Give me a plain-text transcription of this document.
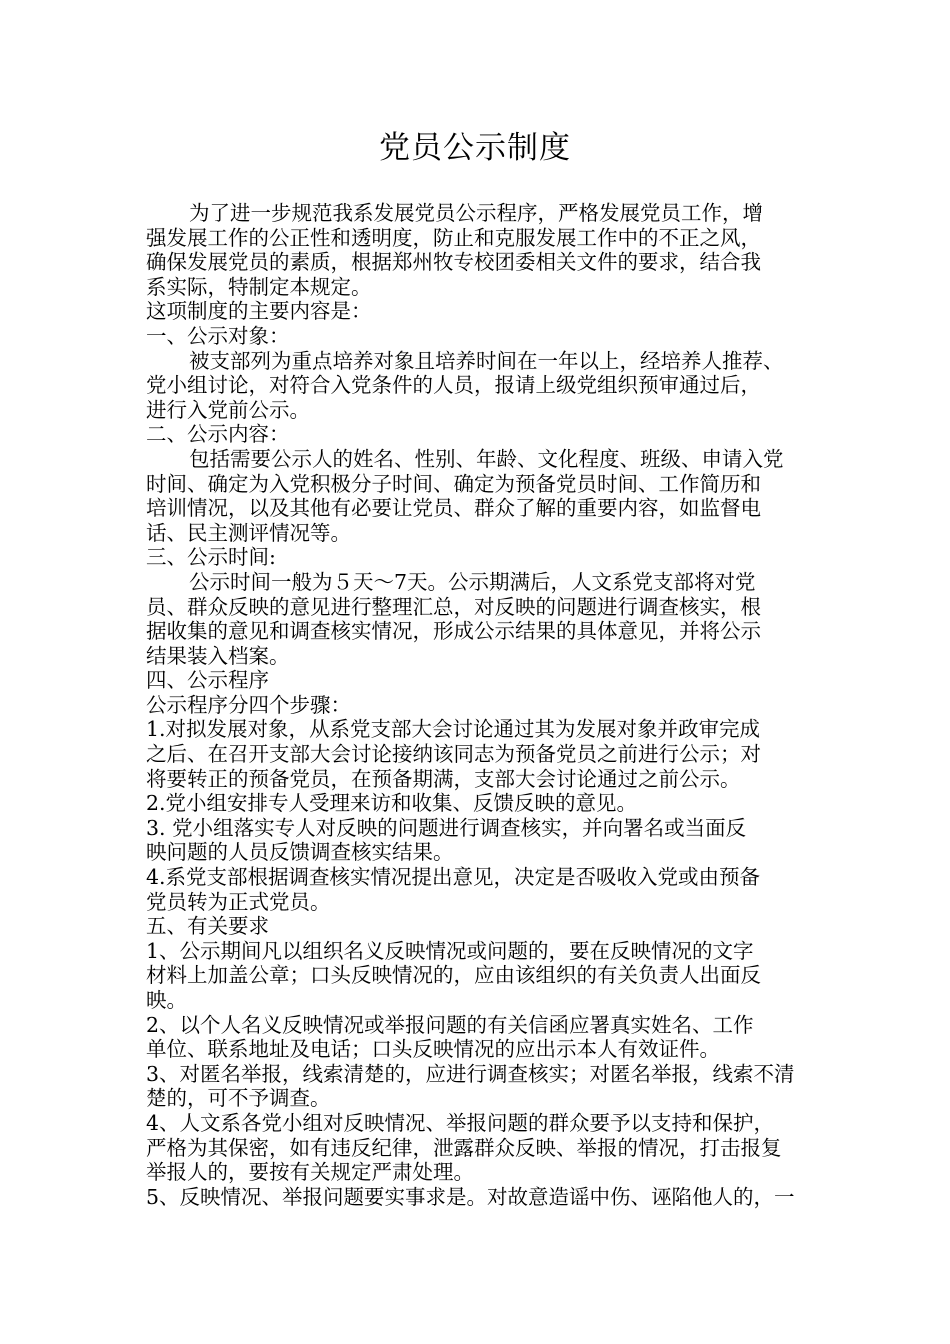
党员公示制度
为了进一步规范我系发展党员公示程序，严格发展党员工作，增
强发展工作的公正性和透明度，防止和克服发展工作中的不正之风，
确保发展党员的素质，根据郑州牧专校团委相关文件的要求，结合我
系实际，特制定本规定。
这项制度的主要内容是：
一、公示对象：
被支部列为重点培养对象且培养时间在一年以上，经培养人推荐、
党小组讨论，对符合入党条件的人员，报请上级党组织预审通过后，
进行入党前公示。
二、公示内容：
包括需要公示人的姓名、性别、年龄、文化程度、班级、申请入党
时间、确定为入党积极分子时间、确定为预备党员时间、工作简历和
培训情况，以及其他有必要让党员、群众了解的重要内容，如监督电
话、民主测评情况等。
三、公示时间:
公示时间一般为５天～7天。公示期满后，人文系党支部将对党
员、群众反映的意见进行整理汇总，对反映的问题进行调查核实，根
据收集的意见和调查核实情况，形成公示结果的具体意见，并将公示
结果装入档案。
四、公示程序
公示程序分四个步骤：
1.对拟发展对象，从系党支部大会讨论通过其为发展对象并政审完成
之后、在召开支部大会讨论接纳该同志为预备党员之前进行公示；对
将要转正的预备党员，在预备期满，支部大会讨论通过之前公示。
2.党小组安排专人受理来访和收集、反馈反映的意见。
3. 党小组落实专人对反映的问题进行调查核实，并向署名或当面反
映问题的人员反馈调查核实结果。
4.系党支部根据调查核实情况提出意见，决定是否吸收入党或由预备
党员转为正式党员。
五、有关要求
1、公示期间凡以组织名义反映情况或问题的，要在反映情况的文字
材料上加盖公章；口头反映情况的，应由该组织的有关负责人出面反
映。
2、以个人名义反映情况或举报问题的有关信函应署真实姓名、工作
单位、联系地址及电话；口头反映情况的应出示本人有效证件。
3、对匿名举报，线索清楚的，应进行调查核实；对匿名举报，线索不清
楚的，可不予调查。
4、人文系各党小组对反映情况、举报问题的群众要予以支持和保护，
严格为其保密，如有违反纪律，泄露群众反映、举报的情况，打击报复
举报人的，要按有关规定严肃处理。
5、反映情况、举报问题要实事求是。对故意造谣中伤、诬陷他人的，一
